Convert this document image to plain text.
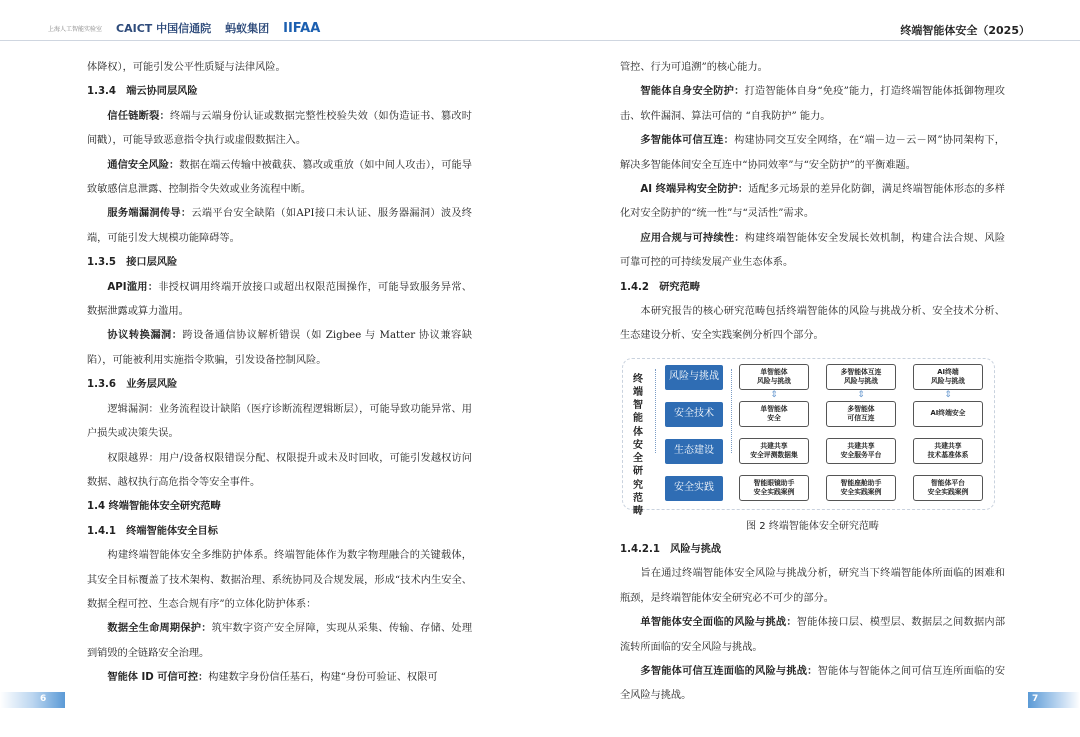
上海人工智能实验室 CAICT 中国信通院 蚂蚁集团 IIFAA	终端智能体安全（2025）
体降权），可能引发公平性质疑与法律风险。
1.3.4　端云协同层风险
信任链断裂：终端与云端身份认证或数据完整性校验失效（如伪造证书、篡改时间戳），可能导致恶意指令执行或虚假数据注入。
通信安全风险：数据在端云传输中被截获、篡改或重放（如中间人攻击），可能导致敏感信息泄露、控制指令失效或业务流程中断。
服务端漏洞传导：云端平台安全缺陷（如API接口未认证、服务器漏洞）波及终端，可能引发大规模功能障碍等。
1.3.5　接口层风险
API滥用：非授权调用终端开放接口或超出权限范围操作，可能导致服务异常、数据泄露或算力滥用。
协议转换漏洞：跨设备通信协议解析错误（如 Zigbee 与 Matter 协议兼容缺陷），可能被利用实施指令欺骗，引发设备控制风险。
1.3.6　业务层风险
逻辑漏洞：业务流程设计缺陷（医疗诊断流程逻辑断层），可能导致功能异常、用户损失或决策失误。
权限越界：用户/设备权限错误分配、权限提升或未及时回收，可能引发越权访问数据、越权执行高危指令等安全事件。
1.4 终端智能体安全研究范畴
1.4.1　终端智能体安全目标
构建终端智能体安全多维防护体系。终端智能体作为数字物理融合的关键载体，其安全目标覆盖了技术架构、数据治理、系统协同及合规发展，形成“技术内生安全、数据全程可控、生态合规有序”的立体化防护体系：
数据全生命周期保护：筑牢数字资产安全屏障，实现从采集、传输、存储、处理到销毁的全链路安全治理。
智能体 ID 可信可控：构建数字身份信任基石，构建“身份可验证、权限可
管控、行为可追溯”的核心能力。
智能体自身安全防护：打造智能体自身“免疫”能力，打造终端智能体抵御物理攻击、软件漏洞、算法可信的 “自我防护” 能力。
多智能体可信互连：构建协同交互安全网络，在“端－边－云－网”协同架构下，解决多智能体间安全互连中“协同效率”与“安全防护”的平衡难题。
AI 终端异构安全防护：适配多元场景的差异化防御，满足终端智能体形态的多样化对安全防护的“统一性”与“灵活性”需求。
应用合规与可持续性：构建终端智能体安全发展长效机制，构建合法合规、风险可靠可控的可持续发展产业生态体系。
1.4.2　研究范畴
本研究报告的核心研究范畴包括终端智能体的风险与挑战分析、安全技术分析、生态建设分析、安全实践案例分析四个部分。
终端智能体安全研究范畴
风险与挑战
安全技术
生态建设
安全实践
单智能体
风险与挑战
多智能体互连
风险与挑战
AI终端
风险与挑战
⇕	⇕	⇕
单智能体
安全
多智能体
可信互连
AI终端安全
共建共享
安全评测数据集
共建共享
安全服务平台
共建共享
技术基准体系
智能眼镜助手
安全实践案例
智能座舱助手
安全实践案例
智能体平台
安全实践案例
图 2 终端智能体安全研究范畴
1.4.2.1　风险与挑战
旨在通过终端智能体安全风险与挑战分析，研究当下终端智能体所面临的困难和瓶颈，是终端智能体安全研究必不可少的部分。
单智能体安全面临的风险与挑战：智能体接口层、模型层、数据层之间数据内部流转所面临的安全风险与挑战。
多智能体可信互连面临的风险与挑战：智能体与智能体之间可信互连所面临的安全风险与挑战。
6	7
